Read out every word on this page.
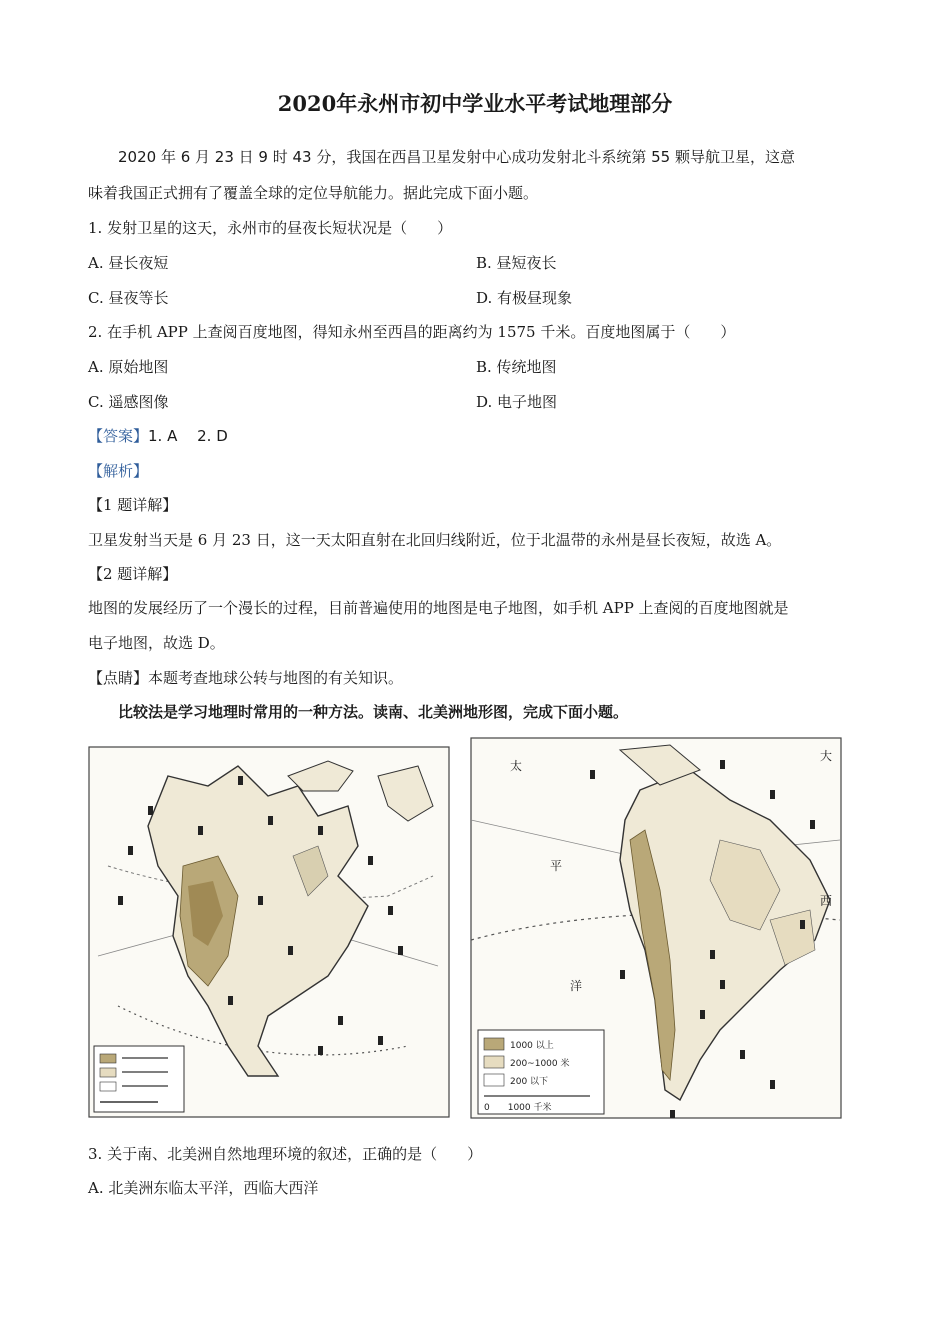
2020年永州市初中学业水平考试地理部分
2020 年 6 月 23 日 9 时 43 分，我国在西昌卫星发射中心成功发射北斗系统第 55 颗导航卫星，这意
味着我国正式拥有了覆盖全球的定位导航能力。据此完成下面小题。
1. 发射卫星的这天，永州市的昼夜长短状况是（　　）
A. 昼长夜短	B. 昼短夜长
C. 昼夜等长	D. 有极昼现象
2. 在手机 APP 上查阅百度地图，得知永州至西昌的距离约为 1575 千米。百度地图属于（　　）
A. 原始地图	B. 传统地图
C. 遥感图像	D. 电子地图
【答案】1. A　 2. D
【解析】
【1 题详解】
卫星发射当天是 6 月 23 日，这一天太阳直射在北回归线附近，位于北温带的永州是昼长夜短，故选 A。
【2 题详解】
地图的发展经历了一个漫长的过程，目前普遍使用的地图是电子地图，如手机 APP 上查阅的百度地图就是
电子地图，故选 D。
【点睛】本题考查地球公转与地图的有关知识。
比较法是学习地理时常用的一种方法。读南、北美洲地形图，完成下面小题。
太
大
平
洋
西
1000 以上
200~1000 米
200 以下
0　　1000 千米
3. 关于南、北美洲自然地理环境的叙述，正确的是（　　）
A. 北美洲东临太平洋，西临大西洋
